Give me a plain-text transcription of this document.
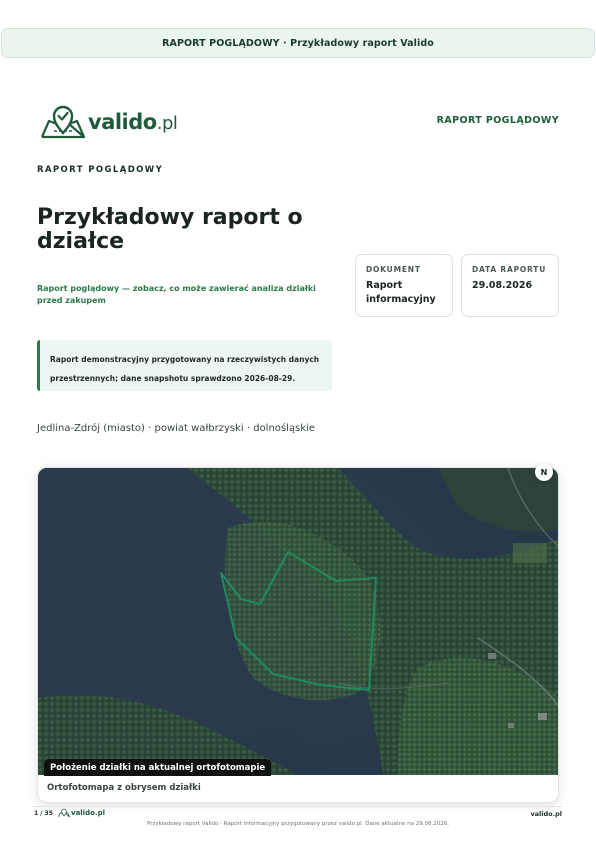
RAPORT POGLĄDOWY · Przykładowy raport Valido
valido.pl	RAPORT POGLĄDOWY
RAPORT POGLĄDOWY
Przykładowy raport o działce

Raport poglądowy — zobacz, co może zawierać analiza działki przed zakupem

DOKUMENT
Raport informacyjny
DATA RAPORTU
29.08.2026
Raport demonstracyjny przygotowany na rzeczywistych danych przestrzennych; dane snapshotu sprawdzono 2026-08-29.
Jedlina-Zdrój (miasto) · powiat wałbrzyski · dolnośląskie
Położenie działki na aktualnej ortofotomapie
Ortofotomapa z obrysem działki
N
1 / 35	valido.pl	valido.pl
Przykładowy raport Valido · Raport informacyjny przygotowany przez valido.pl. Dane aktualne na 29.08.2026.
